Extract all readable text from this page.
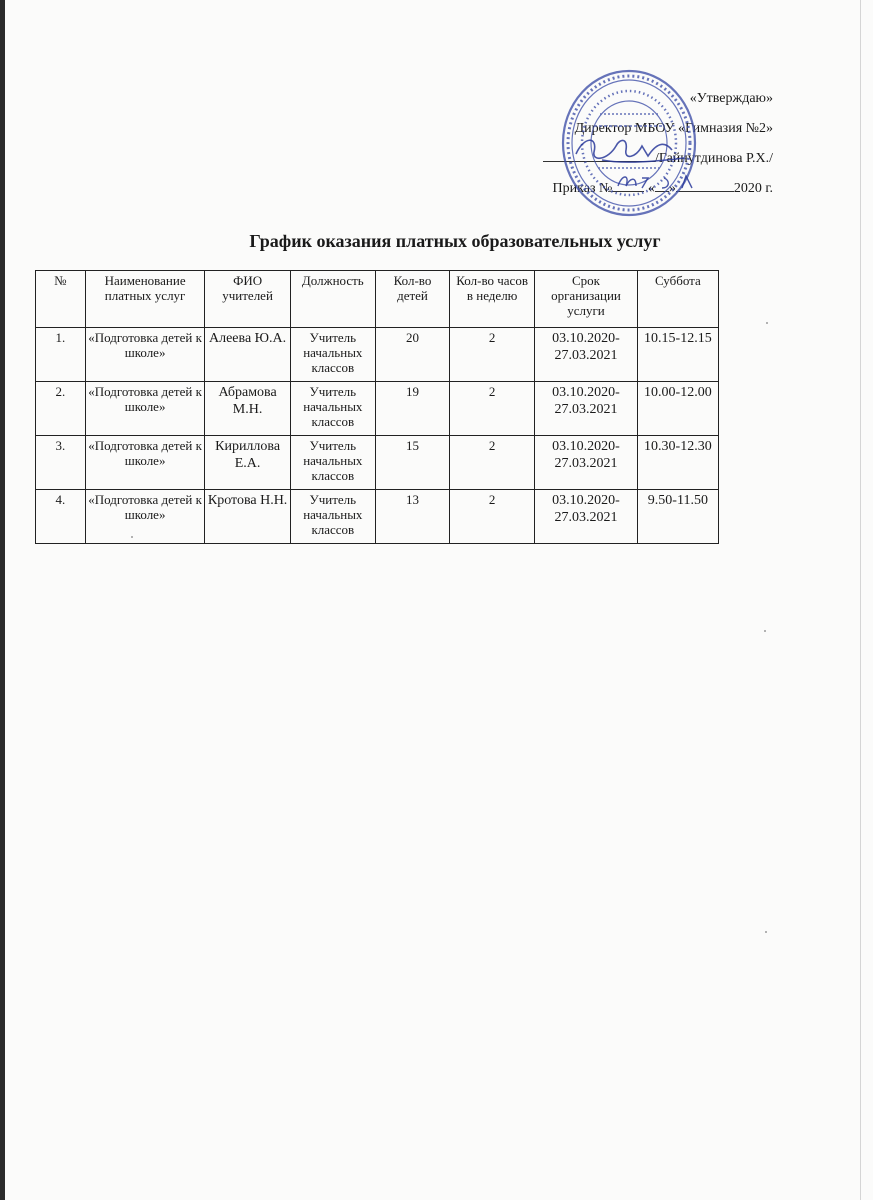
«Утверждаю»
Директор МБОУ «Гимназия №2»
/Гайнутдинова Р.Х./
Приказ №	« »	2020 г.
График оказания платных образовательных услуг
№	Наименование платных услуг	ФИО учителей	Должность	Кол-во детей	Кол-во часов в неделю	Срок организации услуги	Суббота
1.	«Подготовка детей к школе»	Алеева Ю.А.	Учитель начальных классов	20	2	03.10.2020-27.03.2021	10.15-12.15
2.	«Подготовка детей к школе»	Абрамова М.Н.	Учитель начальных классов	19	2	03.10.2020-27.03.2021	10.00-12.00
3.	«Подготовка детей к школе»	Кириллова Е.А.	Учитель начальных классов	15	2	03.10.2020-27.03.2021	10.30-12.30
4.	«Подготовка детей к школе»	Кротова Н.Н.	Учитель начальных классов	13	2	03.10.2020-27.03.2021	9.50-11.50
